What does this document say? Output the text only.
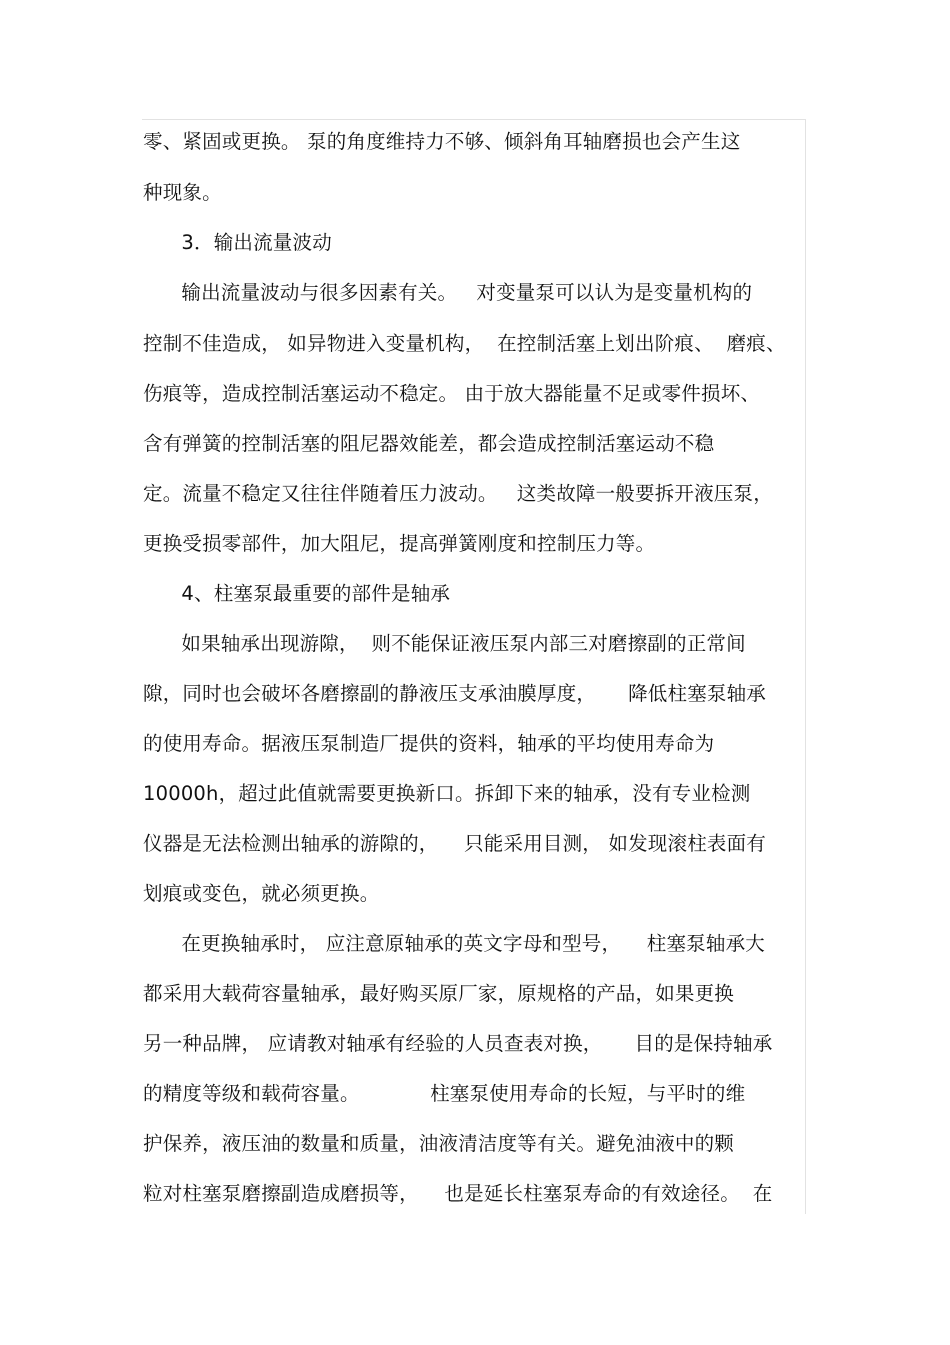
零、紧固或更换。 泵的角度维持力不够、倾斜角耳轴磨损也会产生这
种现象。
3．输出流量波动
输出流量波动与很多因素有关。   对变量泵可以认为是变量机构的
控制不佳造成， 如异物进入变量机构，  在控制活塞上划出阶痕、  磨痕、
伤痕等，造成控制活塞运动不稳定。 由于放大器能量不足或零件损坏、
含有弹簧的控制活塞的阻尼器效能差，都会造成控制活塞运动不稳
定。流量不稳定又往往伴随着压力波动。   这类故障一般要拆开液压泵，
更换受损零部件，加大阻尼，提高弹簧刚度和控制压力等。
4、柱塞泵最重要的部件是轴承
如果轴承出现游隙，  则不能保证液压泵内部三对磨擦副的正常间
隙，同时也会破坏各磨擦副的静液压支承油膜厚度，     降低柱塞泵轴承
的使用寿命。据液压泵制造厂提供的资料，轴承的平均使用寿命为
10000h，超过此值就需要更换新口。拆卸下来的轴承，没有专业检测
仪器是无法检测出轴承的游隙的，    只能采用目测， 如发现滚柱表面有
划痕或变色，就必须更换。
在更换轴承时， 应注意原轴承的英文字母和型号，    柱塞泵轴承大
都采用大载荷容量轴承，最好购买原厂家，原规格的产品，如果更换
另一种品牌， 应请教对轴承有经验的人员查表对换，     目的是保持轴承
的精度等级和载荷容量。           柱塞泵使用寿命的长短，与平时的维
护保养，液压油的数量和质量，油液清洁度等有关。避免油液中的颗
粒对柱塞泵磨擦副造成磨损等，    也是延长柱塞泵寿命的有效途径。  在
